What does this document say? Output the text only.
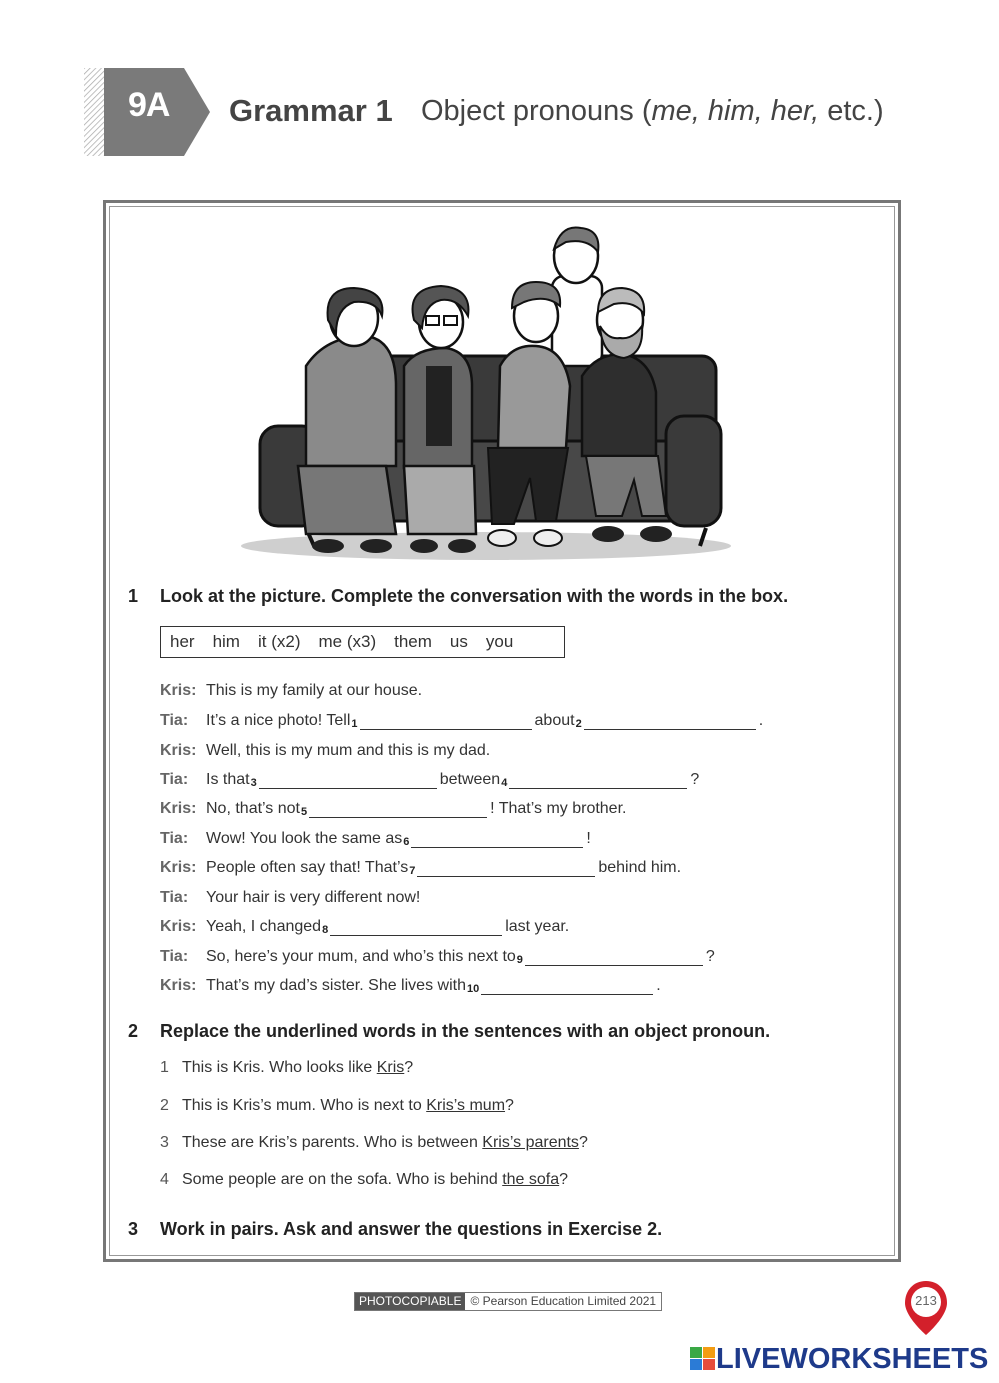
9A	Grammar 1 Object pronouns (me, him, her, etc.)
1 Look at the picture. Complete the conversation with the words in the box.
her him it (x2) me (x3) them us you
Kris: This is my family at our house.
Tia:	It’s a nice photo! Tell 1	about 2	.
Kris: Well, this is my mum and this is my dad.
Tia:	Is that 3	between 4	?
Kris: No, that’s not 5	! That’s my brother.
Tia:	Wow! You look the same as 6	!
Kris: People often say that! That’s 7	behind him.
Tia:	Your hair is very different now!
Kris: Yeah, I changed 8	last year.
Tia:	So, here’s your mum, and who’s this next to 9	?
Kris: That’s my dad’s sister. She lives with 10	.
2 Replace the underlined words in the sentences with an object pronoun.
1 This is Kris. Who looks like Kris?
2 This is Kris’s mum. Who is next to Kris’s mum?
3 These are Kris’s parents. Who is between Kris’s parents?
4 Some people are on the sofa. Who is behind the sofa?
3 Work in pairs. Ask and answer the questions in Exercise 2.
PHOTOCOPIABLE © Pearson Education Limited 2021	213
LIVEWORKSHEETS
